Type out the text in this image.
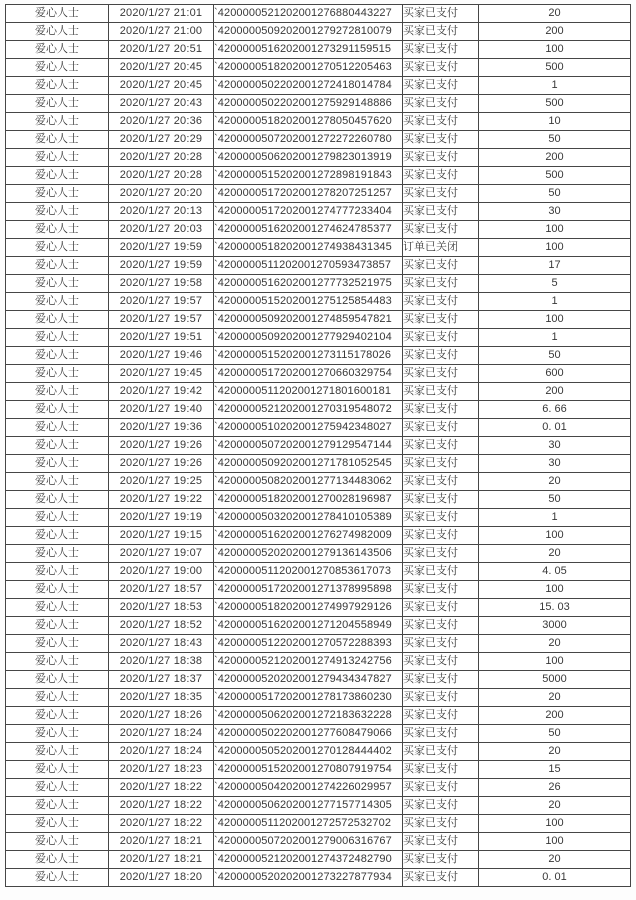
爱心人士	2020/1/27 21:01	`4200000521202001276880443227	买家已支付	20
爱心人士	2020/1/27 21:00	`4200000509202001279272810079	买家已支付	200
爱心人士	2020/1/27 20:51	`4200000516202001273291159515	买家已支付	100
爱心人士	2020/1/27 20:45	`4200000518202001270512205463	买家已支付	500
爱心人士	2020/1/27 20:45	`4200000502202001272418014784	买家已支付	1
爱心人士	2020/1/27 20:43	`4200000502202001275929148886	买家已支付	500
爱心人士	2020/1/27 20:36	`4200000518202001278050457620	买家已支付	10
爱心人士	2020/1/27 20:29	`4200000507202001272272260780	买家已支付	50
爱心人士	2020/1/27 20:28	`4200000506202001279823013919	买家已支付	200
爱心人士	2020/1/27 20:28	`4200000515202001272898191843	买家已支付	500
爱心人士	2020/1/27 20:20	`4200000517202001278207251257	买家已支付	50
爱心人士	2020/1/27 20:13	`4200000517202001274777233404	买家已支付	30
爱心人士	2020/1/27 20:03	`4200000516202001274624785377	买家已支付	100
爱心人士	2020/1/27 19:59	`4200000518202001274938431345	订单已关闭	100
爱心人士	2020/1/27 19:59	`4200000511202001270593473857	买家已支付	17
爱心人士	2020/1/27 19:58	`4200000516202001277732521975	买家已支付	5
爱心人士	2020/1/27 19:57	`4200000515202001275125854483	买家已支付	1
爱心人士	2020/1/27 19:57	`4200000509202001274859547821	买家已支付	100
爱心人士	2020/1/27 19:51	`4200000509202001277929402104	买家已支付	1
爱心人士	2020/1/27 19:46	`4200000515202001273115178026	买家已支付	50
爱心人士	2020/1/27 19:45	`4200000517202001270660329754	买家已支付	600
爱心人士	2020/1/27 19:42	`4200000511202001271801600181	买家已支付	200
爱心人士	2020/1/27 19:40	`4200000521202001270319548072	买家已支付	6. 66
爱心人士	2020/1/27 19:36	`4200000510202001275942348027	买家已支付	0. 01
爱心人士	2020/1/27 19:26	`4200000507202001279129547144	买家已支付	30
爱心人士	2020/1/27 19:26	`4200000509202001271781052545	买家已支付	30
爱心人士	2020/1/27 19:25	`4200000508202001277134483062	买家已支付	20
爱心人士	2020/1/27 19:22	`4200000518202001270028196987	买家已支付	50
爱心人士	2020/1/27 19:19	`4200000503202001278410105389	买家已支付	1
爱心人士	2020/1/27 19:15	`4200000516202001276274982009	买家已支付	100
爱心人士	2020/1/27 19:07	`4200000520202001279136143506	买家已支付	20
爱心人士	2020/1/27 19:00	`4200000511202001270853617073	买家已支付	4. 05
爱心人士	2020/1/27 18:57	`4200000517202001271378995898	买家已支付	100
爱心人士	2020/1/27 18:53	`4200000518202001274997929126	买家已支付	15. 03
爱心人士	2020/1/27 18:52	`4200000516202001271204558949	买家已支付	3000
爱心人士	2020/1/27 18:43	`4200000512202001270572288393	买家已支付	20
爱心人士	2020/1/27 18:38	`4200000521202001274913242756	买家已支付	100
爱心人士	2020/1/27 18:37	`4200000520202001279434347827	买家已支付	5000
爱心人士	2020/1/27 18:35	`4200000517202001278173860230	买家已支付	20
爱心人士	2020/1/27 18:26	`4200000506202001272183632228	买家已支付	200
爱心人士	2020/1/27 18:24	`4200000502202001277608479066	买家已支付	50
爱心人士	2020/1/27 18:24	`4200000505202001270128444402	买家已支付	20
爱心人士	2020/1/27 18:23	`4200000515202001270807919754	买家已支付	15
爱心人士	2020/1/27 18:22	`4200000504202001274226029957	买家已支付	26
爱心人士	2020/1/27 18:22	`4200000506202001277157714305	买家已支付	20
爱心人士	2020/1/27 18:22	`4200000511202001272572532702	买家已支付	100
爱心人士	2020/1/27 18:21	`4200000507202001279006316767	买家已支付	100
爱心人士	2020/1/27 18:21	`4200000521202001274372482790	买家已支付	20
爱心人士	2020/1/27 18:20	`4200000520202001273227877934	买家已支付	0. 01
